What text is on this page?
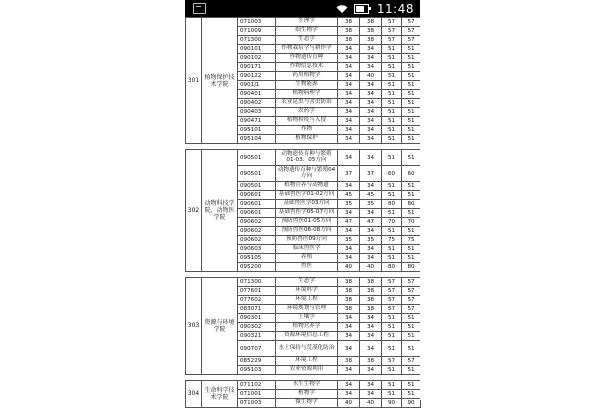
11:48
301	植物保护技术学院	071003	生理学	38	38	57	57	
		071009	细生物学	38	38	57	57	
		071300	生态学	38	38	57	57	
		090101	作物栽培学与耕作学	34	34	51	51	
		090102	作物遗传育种	34	34	51	51	
		090171	作物信息技术	34	34	51	51	
		090122	药用植物学	34	40	51	51	
		0901J1	生物能源	34	34	51	51	
		090401	植物病理学	34	34	51	51	
		090402	农业昆虫与害虫防治	34	34	51	51	
		090403	农药学	34	34	51	51	
		090471	植物检疫与入侵	34	34	51	51	
		095101	作物	34	34	51	51	
		095104	植物保护	34	34	51	51	

302	动物科技学院、动物医学院	090501	动物遗传育种与繁殖01-03、05方向	34	34	51	51	
		090501	动物遗传育种与繁殖04方向	37	37	60	60	
		090501	植物营养与动物遗	34	34	51	51	
		090601	基础兽医学01-02方向	45	45	51	51	
		090601	基础兽医学03方向	35	35	80	80	
		090601	基础兽医学05-07方向	34	34	51	51	
		090602	预防兽医01-05方向	47	47	70	70	
		090602	预防兽医06-08方向	34	34	51	51	
		090602	预防兽医09方向	35	35	75	75	
		090603	临床兽医学	34	34	51	51	
		095105	养殖	34	34	51	51	
		095200	兽医	40	40	80	80	

303	资源与环境学院	071300	生态学	38	38	57	57	
		077601	环境科学	38	38	57	57	
		077602	环境工程	38	38	57	57	
		083071	环境规划与管理	38	38	57	57	
		090301	土壤学	34	34	51	51	
		090302	植物营养学	34	34	51	51	
		090321	资源环境信息工程	34	34	51	51	
		090707	水土保持与荒漠化防治	34	34	51	51	
		085229	环境工程	38	38	57	57	
		095103	农业资源利用	34	34	51	51	

304	生命科学技术学院	071102	水生生物学	34	34	51	51	
		071001	植物学	34	34	51	51	
		071003	微生物学	40	40	90	90	
